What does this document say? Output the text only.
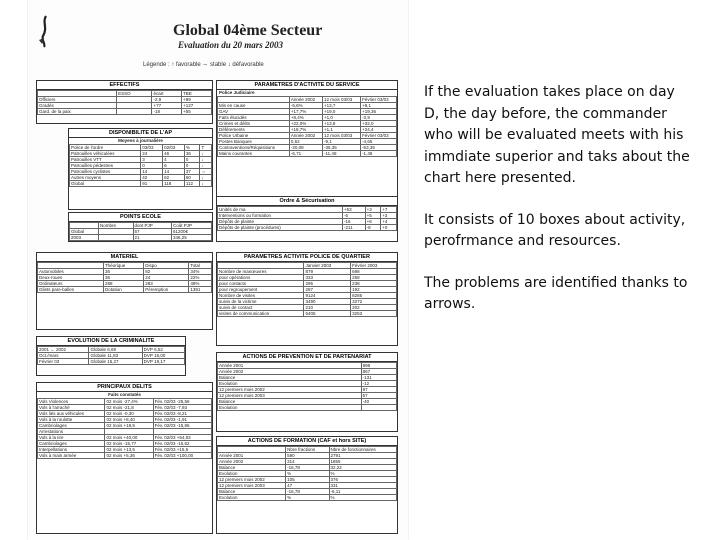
Global 04ème Secteur
Evaluation du 20 mars 2003
Légende : ↑ favorable ⇔ stable ↓ défavorable
EFFECTIFS
	ESSO	écart	TBE
Officiers		-2,9	+89
Gradés		+77	+127
Gard. de la paix		-18	+55
PARAMETRES D'ACTIVITE DU SERVICE
Police Judiciaire
	Année 2002	12 mois 03/03	Février 03/03
Mis en cause	-6,6%	+13,7	+9,1
GAV	+17,7%	+19,0	+19,36
Faits élucidés	+8,4%	+1,0	-3,9
Crimes et délits	+22,0%	+13,8	+32,0
Déférements	+18,7%	+1,1	+24,4
Police Urbaine	Année 2002	12 mois 03/03	Février 03/03
Postes Banques	0,52	-9,1	-4,65
Contraventions/Réquisitions	-20,08	-35,35	-53,35
Mains courantes	-6,71	-11,48	-1,48
DISPONIBILITE DE L'AP
Moyens à journalière
Police de l'ordre	03/03	02/03	%	T
Patrouilles véhiculées	24	46	36	↓
Patrouilles VTT	3	4	0	↓
Patrouilles pédestres	0	6	0	↓
Patrouilles cyclistes	14	14	37	⇔
Autres moyens	42	62	60	↓
Global	91	118	112	↓
POINTS ECOLE
	Nombre	dont PJP	Coût PJP
Global		57	61200€
2003		21	346,25
Ordre & Sécurisation
Unités de ma	+53	+3	+7
Interventions ou formation	-5	+5	+3
Dépôts de plainte	-16	+6	+4
Dépôts de plainte (procédures)	-211	-8	+0
MATERIEL
	Théorique	Dispo	Total
Automobiles	36	82	34%
Deux-roues	36	24	22%
Ordinateurs	288	283	48%
Gilets pare-balles	Dotation	Péremption	1391
PARAMETRES ACTIVITE POLICE DE QUARTIER
	Janvier 2003	Février 2003
Nombre de manœuvres	879	698
pour opérations	333	258
pour contacts	295	238
pour regroupement	287	192
Nombre de visites	9124	8285
suivis de la victime	3490	3272
suivis de contact	210	202
visites de communication	5405	3253
EVOLUTION DE LA CRIMINALITE
2001 ← 2002	Globale 6,69	DVP 6,52
Oct./mars	Globale 11,83	DVP 16,00
Février 03	Globale 15,27	DVP 19,17
ACTIONS DE PREVENTION ET DE PARTENARIAT
Année 2001	998
Année 2002	867
Balance	-131
Evolution	-12
12 premiers mois 2002	97
12 premiers mois 2003	57
Balance	-40
Evolution	
PRINCIPAUX DELITS
Faits constatés
Vols Violences	02 mois -27,4%	Fév. 02/03 -25,56
Vols à l'arraché	02 mois -21,8	Fév. 02/03 -7,93
Vols liés aux véhicules	02 mois -0,30	Fév. 02/03 -8,21
Vols à la roulotte	02 mois +8,40	Fév. 02/03 -1,91
Cambriolages	02 mois +18,5	Fév. 02/03 -15,86
Arrestations		
Vols à la tire	02 mois +40,00	Fév. 02/03 +64,93
Cambriolages	02 mois -15,77	Fév. 02/03 -15,62
Interpellations	02 mois +13,5	Fév. 02/03 +15,6
Vols à main armée	02 mois +5,36	Fév. 02/03 +100,00
ACTIONS DE FORMATION (CAF et hors SITE)
	Nbre fractions	Nbre de fonctionnaires
Année 2001	590	2791
Année 2002	314	1855
Balance	-16,78	32,22
Evolution	%	%
12 premiers mois 2002	105	376
12 premiers mois 2003	47	331
Balance	-16,78	-6,11
Evolution	%	%

If the evaluation takes place on day D, the day before, the commander who will be evaluated meets with his immdiate superior and taks about the chart here presented.

It consists of 10 boxes about activity, perofrmance and resources.

The problems are identified thanks to arrows.
